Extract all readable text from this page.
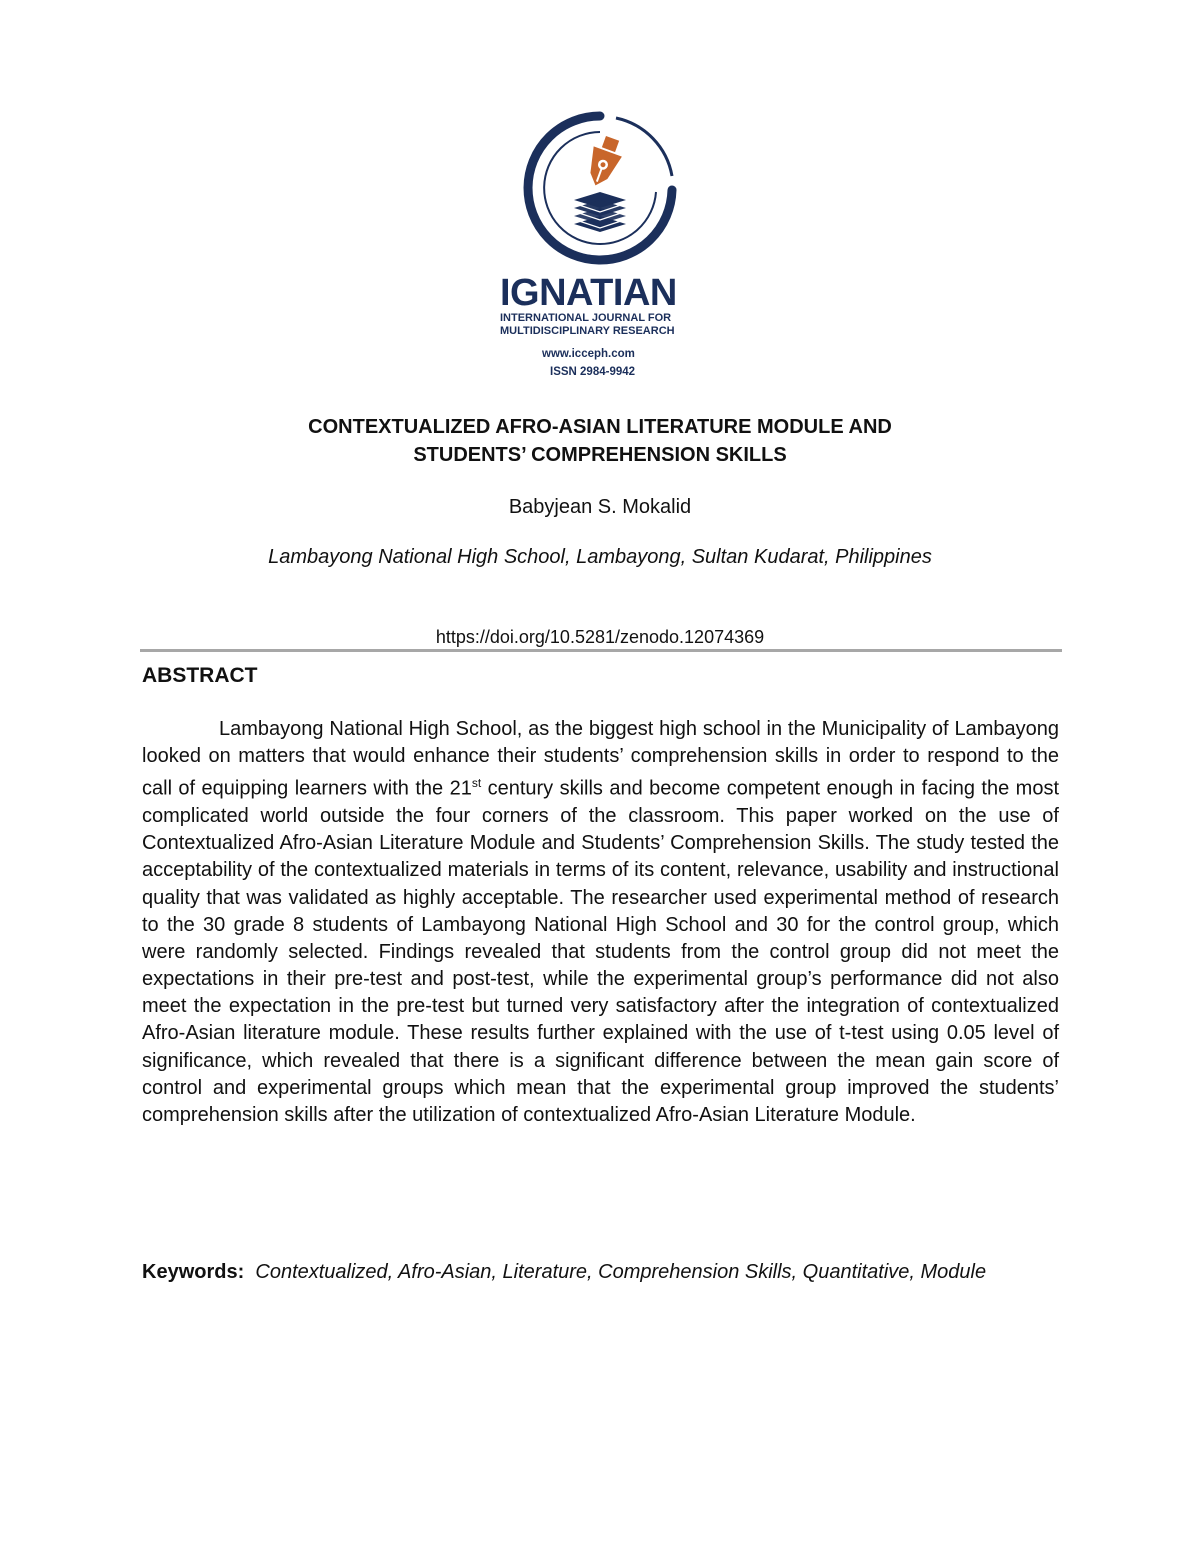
IGNATIAN
INTERNATIONAL JOURNAL FOR
MULTIDISCIPLINARY RESEARCH
www.icceph.com
ISSN 2984-9942
CONTEXTUALIZED AFRO-ASIAN LITERATURE MODULE AND
STUDENTS’ COMPREHENSION SKILLS
Babyjean S. Mokalid
Lambayong National High School, Lambayong, Sultan Kudarat, Philippines
https://doi.org/10.5281/zenodo.12074369
ABSTRACT
Lambayong National High School, as the biggest high school in the Municipality of Lambayong looked on matters that would enhance their students’ comprehension skills in order to respond to the call of equipping learners with the 21st century skills and become competent enough in facing the most complicated world outside the four corners of the classroom. This paper worked on the use of Contextualized Afro-Asian Literature Module and Students’ Comprehension Skills. The study tested the acceptability of the contextualized materials in terms of its content, relevance, usability and instructional quality that was validated as highly acceptable. The researcher used experimental method of research to the 30 grade 8 students of Lambayong National High School and 30 for the control group, which were randomly selected. Findings revealed that students from the control group did not meet the expectations in their pre-test and post-test, while the experimental group’s performance did not also meet the expectation in the pre-test but turned very satisfactory after the integration of contextualized Afro-Asian literature module. These results further explained with the use of t-test using 0.05 level of significance, which revealed that there is a significant difference between the mean gain score of control and experimental groups which mean that the experimental group improved the students’ comprehension skills after the utilization of contextualized Afro-Asian Literature Module.
Keywords: Contextualized, Afro-Asian, Literature, Comprehension Skills, Quantitative, Module
